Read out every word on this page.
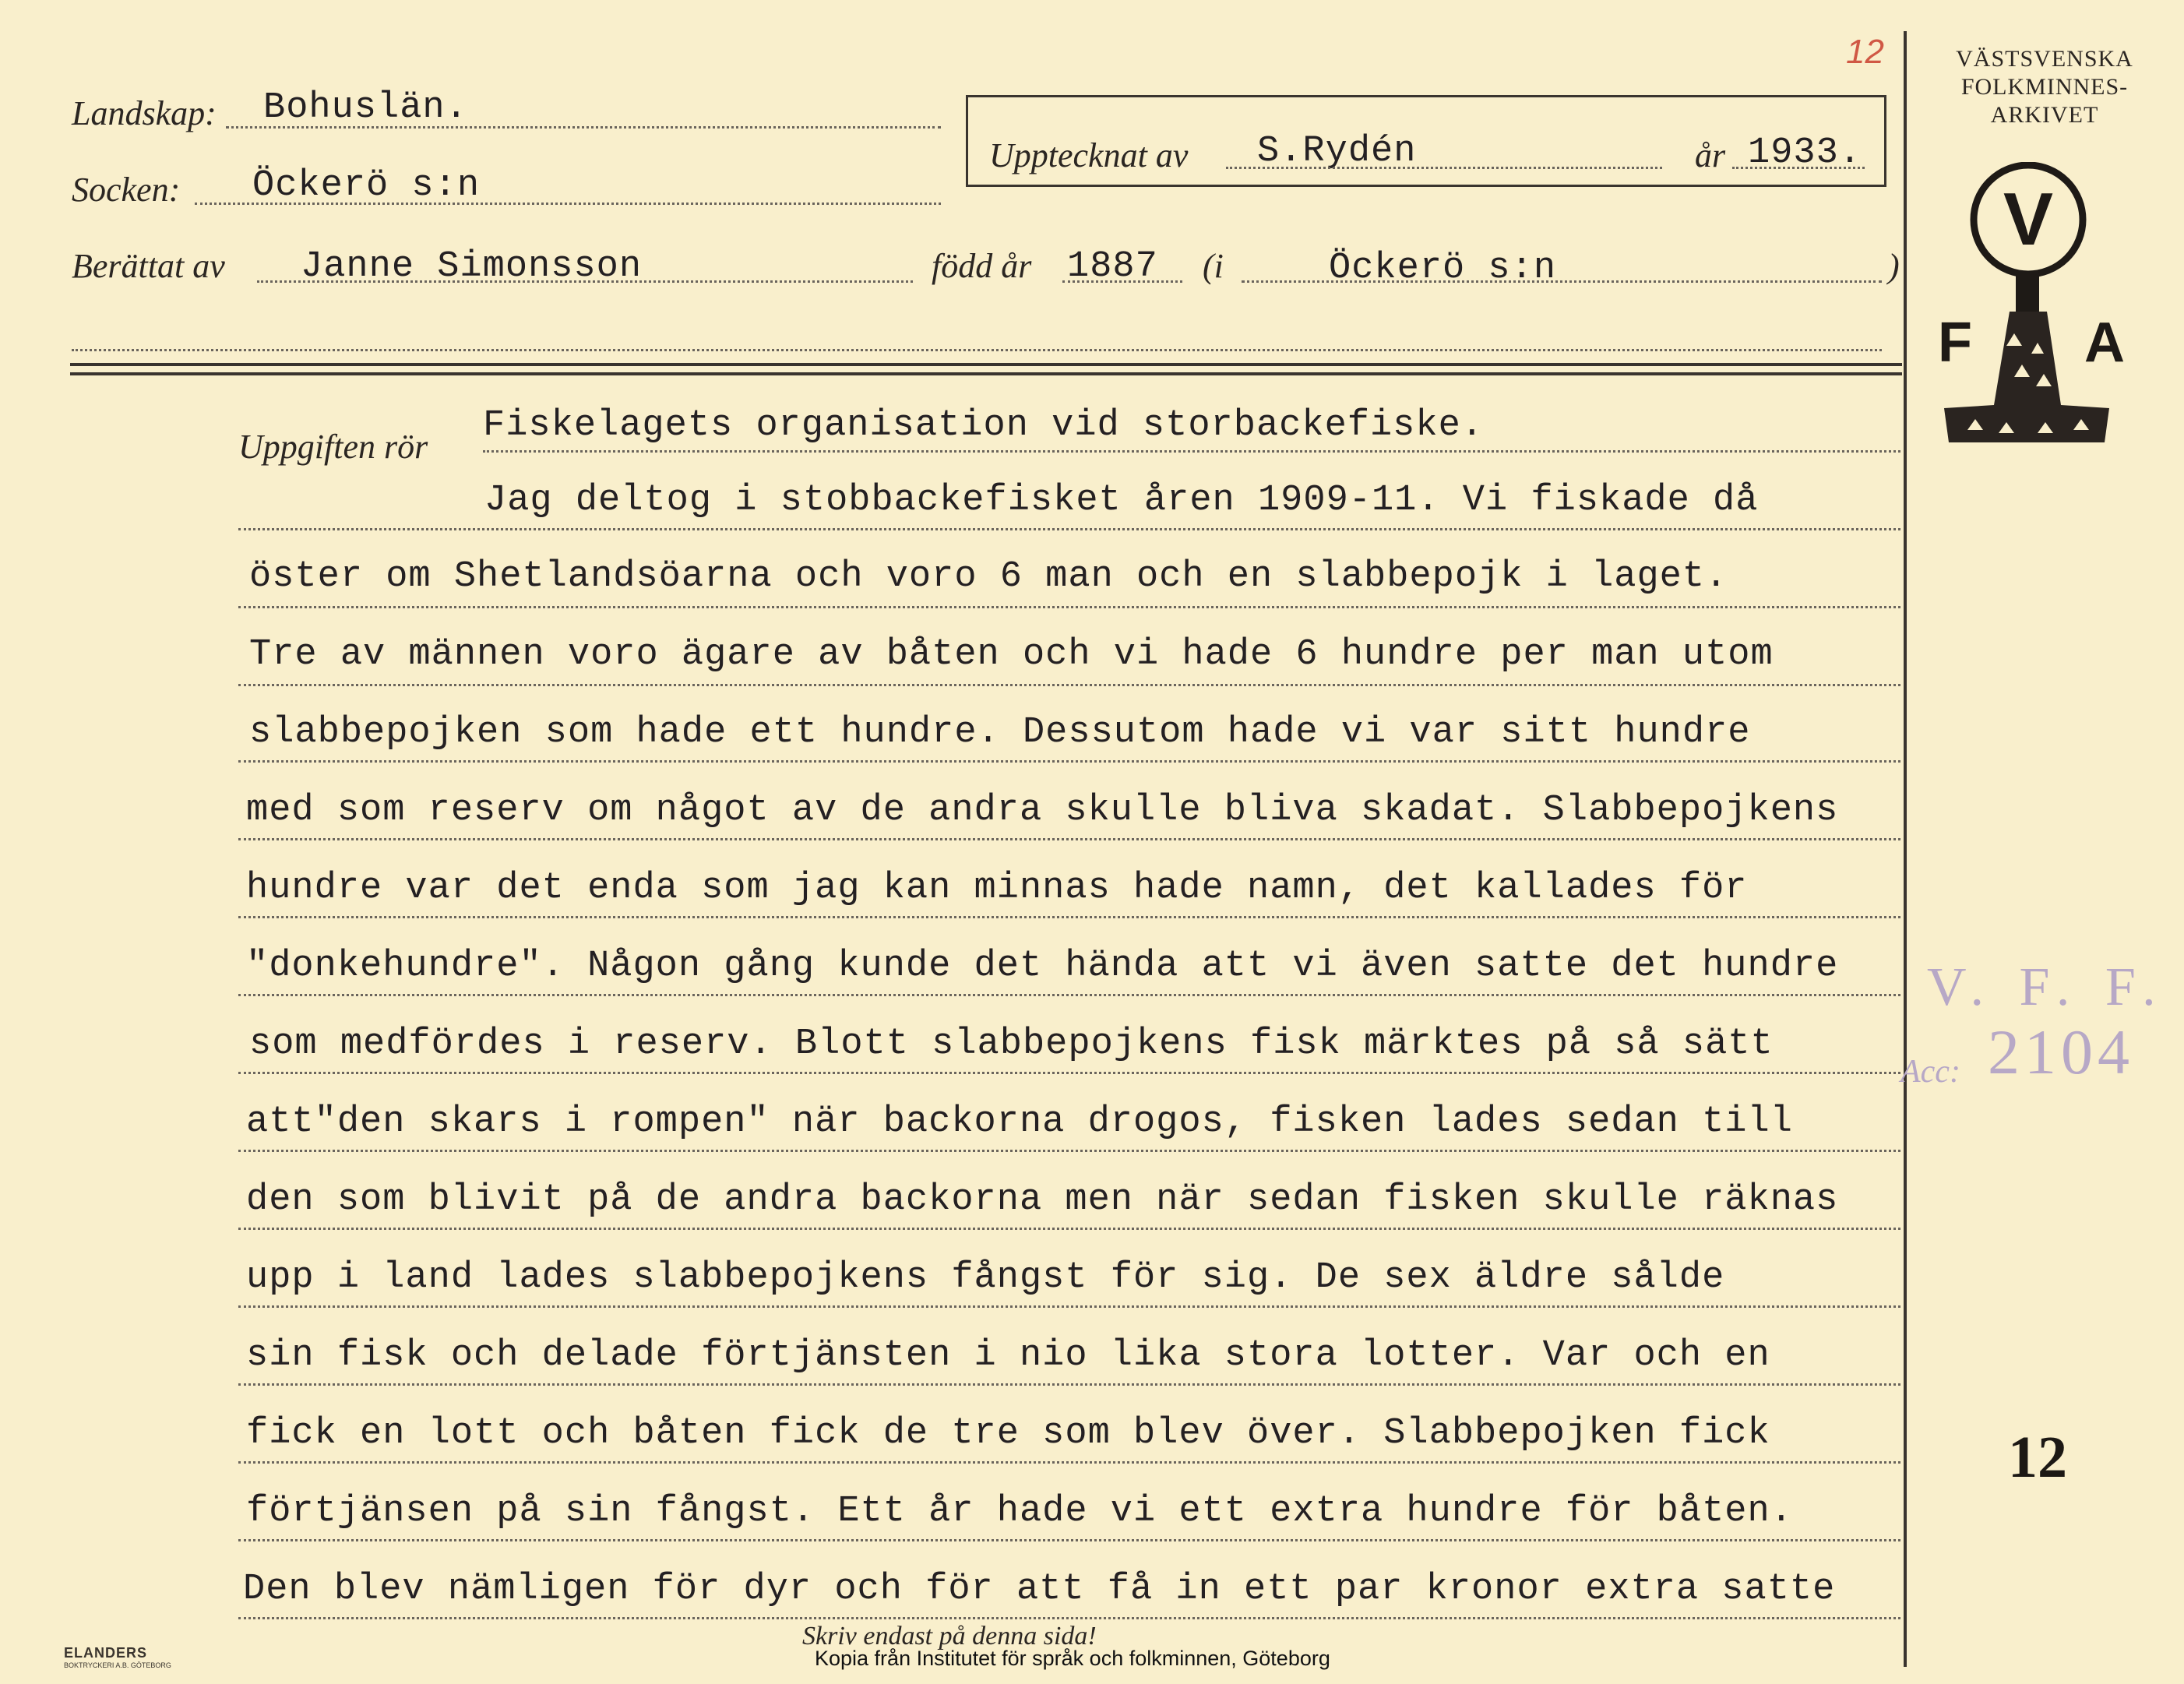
12
Landskap: Bohuslän.
Socken: Öckerö s:n
Upptecknat av S.Rydén	år 1933.
Berättat av Janne Simonsson	född år 1887 (i	Öckerö s:n	)
Uppgiften rör
Fiskelagets organisation vid storbackefiske.
Jag deltog i stobbackefisket åren 1909-11. Vi fiskade då
öster om Shetlandsöarna och voro 6 man och en slabbepojk i laget.
Tre av männen voro ägare av båten och vi hade 6 hundre per man utom
slabbepojken som hade ett hundre. Dessutom hade vi var sitt hundre
med som reserv om något av de andra skulle bliva skadat. Slabbepojkens
hundre var det enda som jag kan minnas hade namn, det kallades för
"donkehundre". Någon gång kunde det hända att vi även satte det hundre
som medfördes i reserv. Blott slabbepojkens fisk märktes på så sätt
att"den skars i rompen" när backorna drogos, fisken lades sedan till
den som blivit på de andra backorna men när sedan fisken skulle räknas
upp i land lades slabbepojkens fångst för sig. De sex äldre sålde
sin fisk och delade förtjänsten i nio lika stora lotter. Var och en
fick en lott och båten fick de tre som blev över. Slabbepojken fick
förtjänsen på sin fångst. Ett år hade vi ett extra hundre för båten.
Den blev nämligen för dyr och för att få in ett par kronor extra satte
VÄSTSVENSKA
FOLKMINNES-
ARKIVET
V
F A
V. F. F.
Acc: 2104
12
ELANDERS
BOKTRYCKERI A.B. GÖTEBORG
Skriv endast på denna sida!
Kopia från Institutet för språk och folkminnen, Göteborg
